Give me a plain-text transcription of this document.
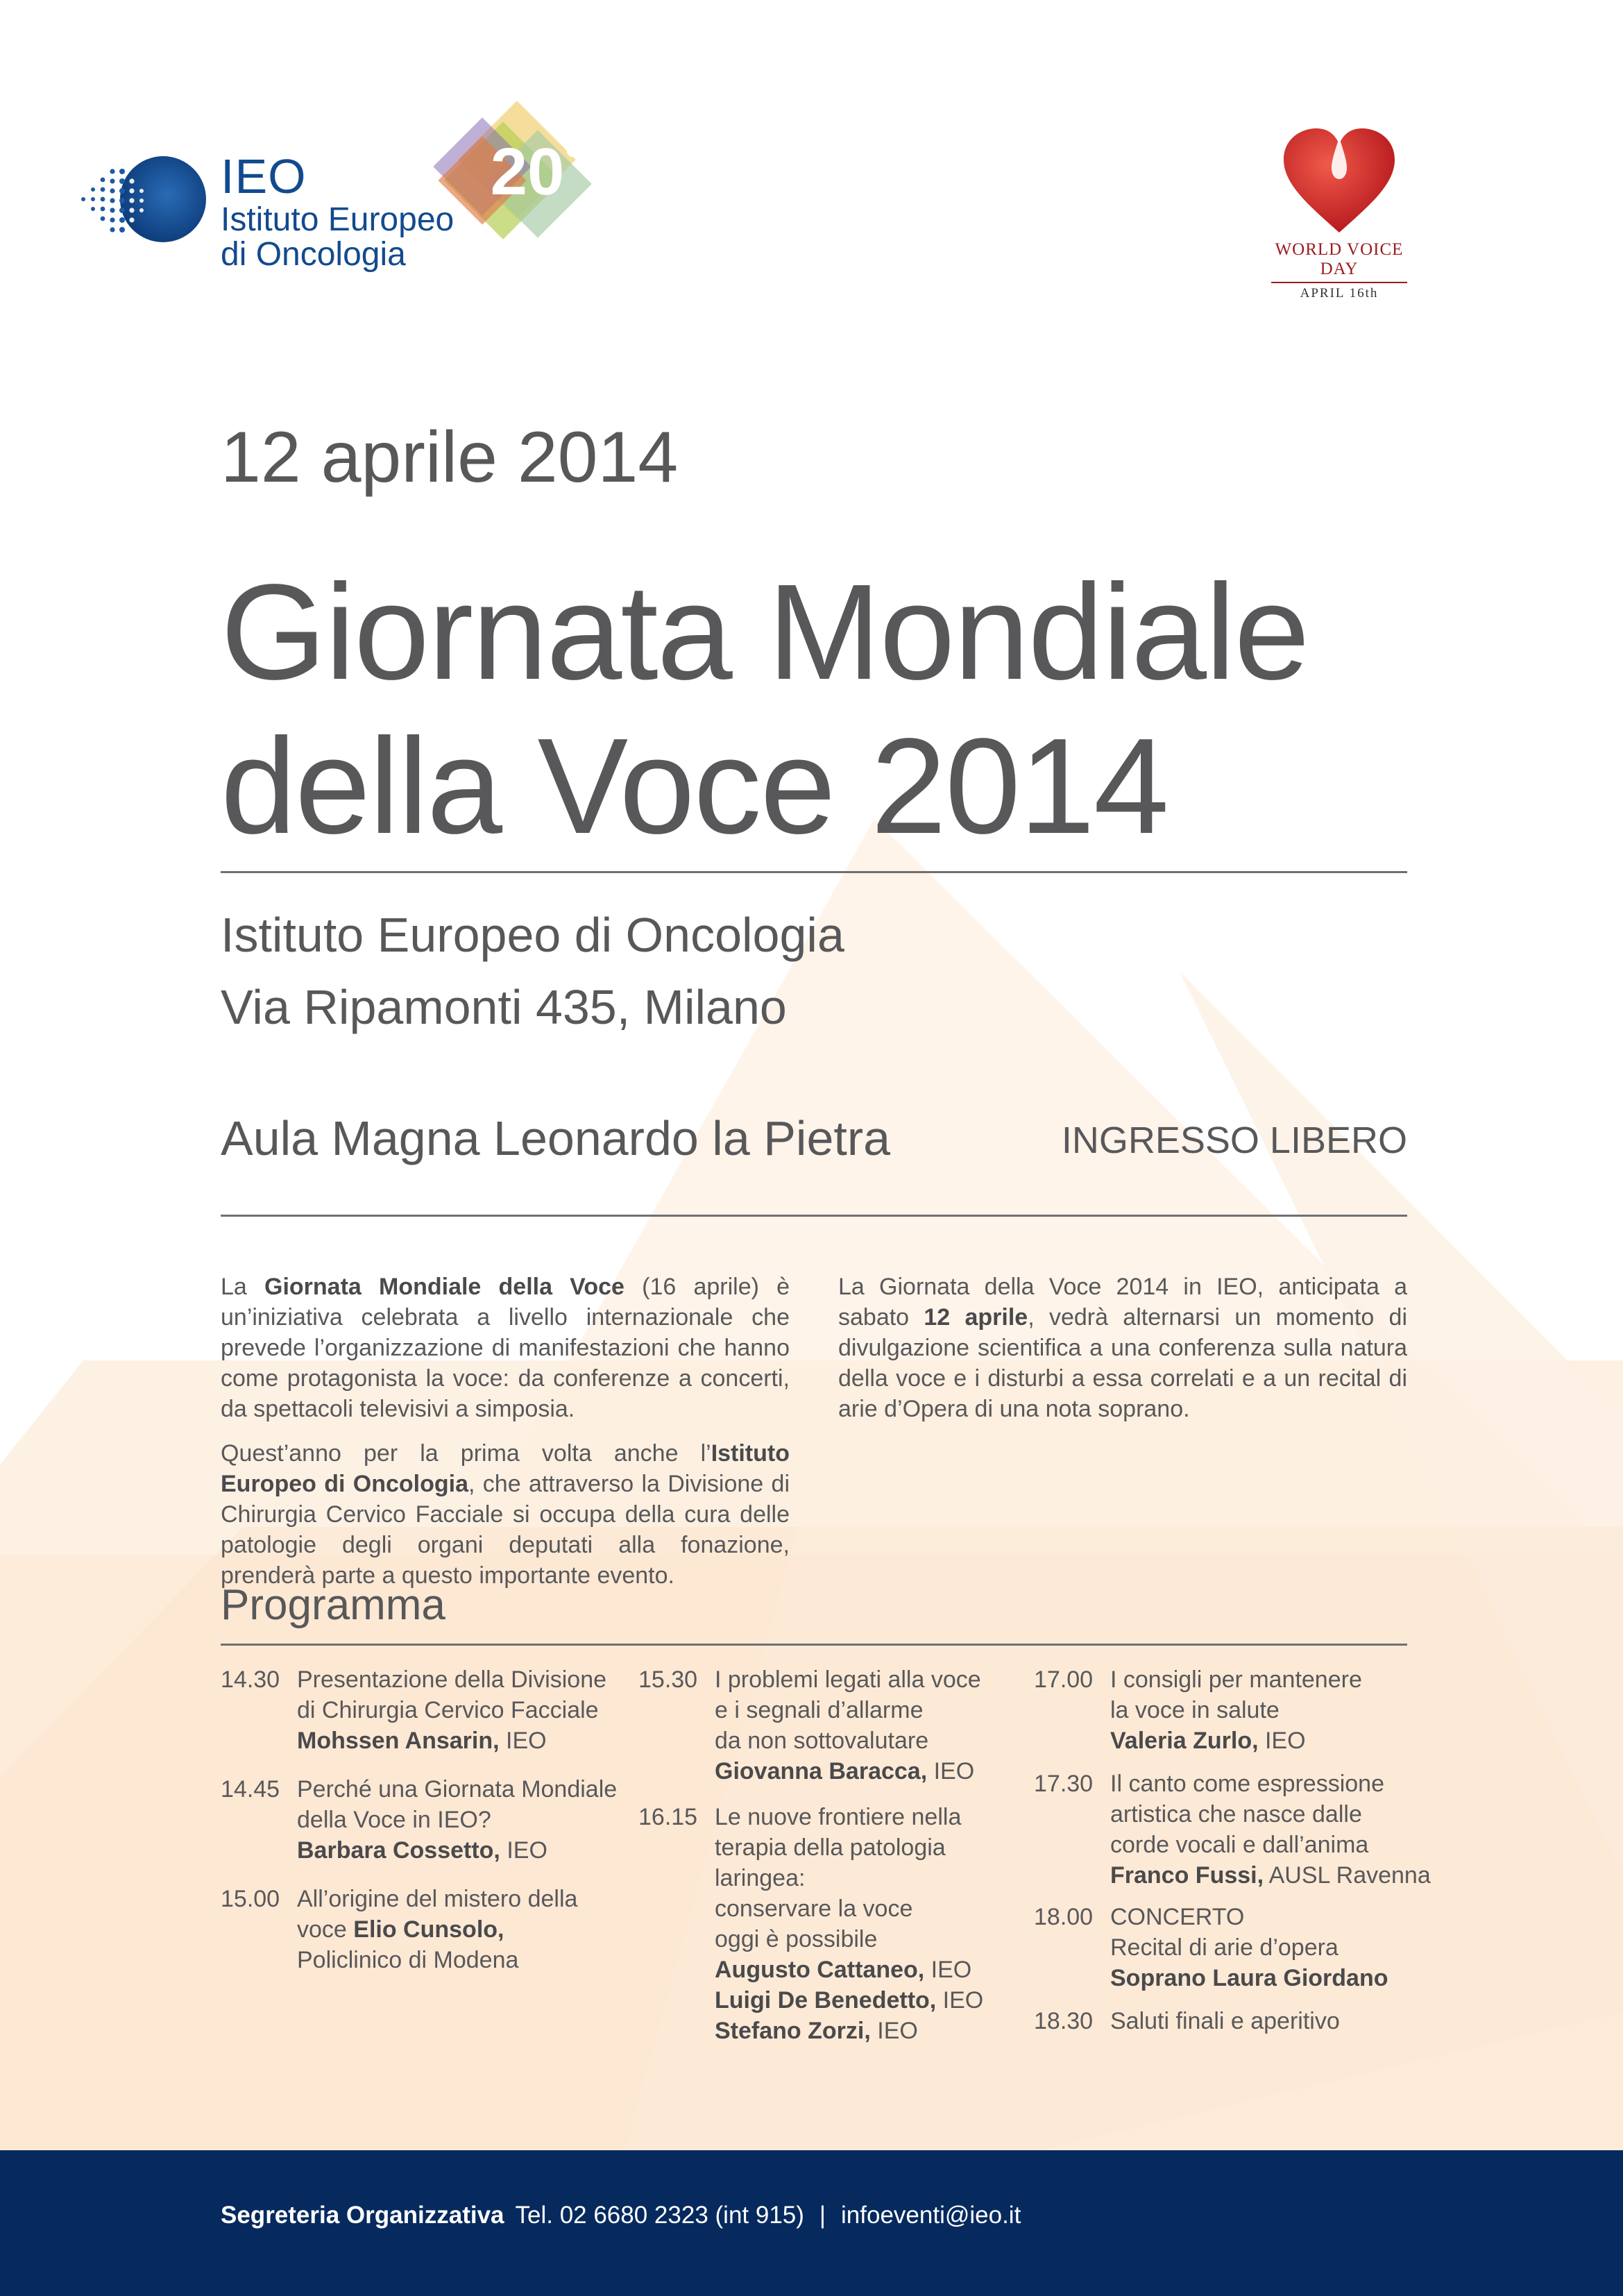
IEO
Istituto Europeo
di Oncologia
20
WORLD VOICE DAY
APRIL 16th
12 aprile 2014
Giornata Mondiale
della Voce 2014
Istituto Europeo di Oncologia
Via Ripamonti 435, Milano
Aula Magna Leonardo la Pietra	INGRESSO LIBERO

La Giornata Mondiale della Voce (16 aprile) è un’iniziativa celebrata a livello internazionale che prevede l’organizzazione di manifestazioni che hanno come protagonista la voce: da conferenze a concerti, da spettacoli televisivi a simposia.

Quest’anno per la prima volta anche l’Istituto Europeo di Oncologia, che attraverso la Divisione di Chirurgia Cervico Facciale si occupa della cura delle patologie degli organi deputati alla fonazione, prenderà parte a questo importante evento.

La Giornata della Voce 2014 in IEO, anticipata a sabato 12 aprile, vedrà alternarsi un momento di divulgazione scientifica a una conferenza sulla natura della voce e i disturbi a essa correlati e a un recital di arie d’Opera di una nota soprano.

Programma
14.30 Presentazione della Divisione
di Chirurgia Cervico Facciale
Mohssen Ansarin, IEO
14.45 Perché una Giornata Mondiale
della Voce in IEO?
Barbara Cossetto, IEO
15.00 All’origine del mistero della
voce Elio Cunsolo,
Policlinico di Modena
15.30 I problemi legati alla voce
e i segnali d’allarme
da non sottovalutare
Giovanna Baracca, IEO
16.15 Le nuove frontiere nella
terapia della patologia
laringea:
conservare la voce
oggi è possibile
Augusto Cattaneo, IEO
Luigi De Benedetto, IEO
Stefano Zorzi, IEO
17.00 I consigli per mantenere
la voce in salute
Valeria Zurlo, IEO
17.30 Il canto come espressione
artistica che nasce dalle
corde vocali e dall’anima
Franco Fussi, AUSL Ravenna
18.00 CONCERTO
Recital di arie d’opera
Soprano Laura Giordano
18.30 Saluti finali e aperitivo
Segreteria Organizzativa Tel. 02 6680 2323 (int 915) | infoeventi@ieo.it
